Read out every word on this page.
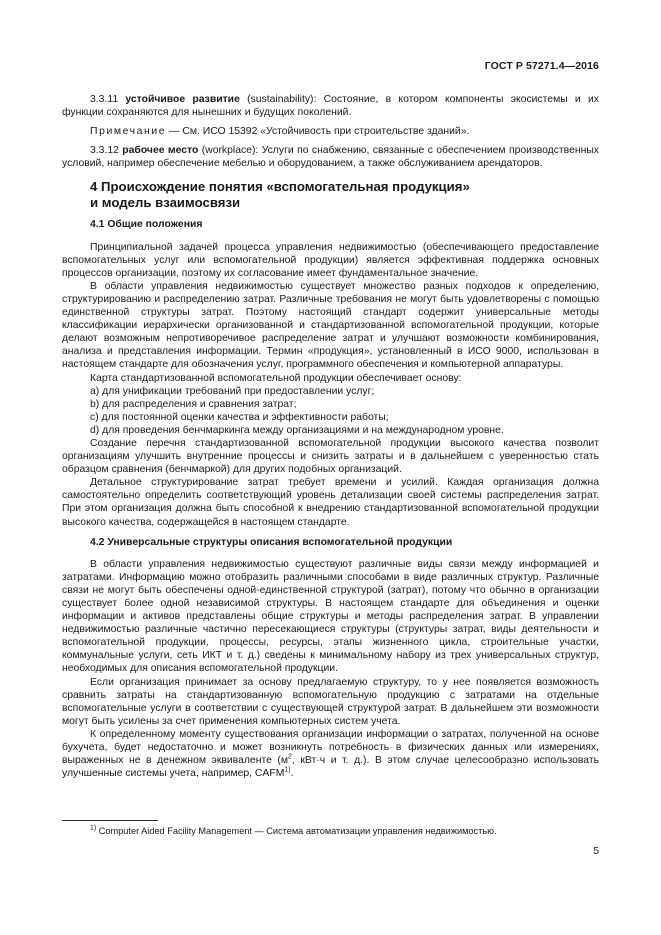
ГОСТ Р 57271.4—2016

3.3.11 устойчивое развитие (sustainability): Состояние, в котором компоненты экосистемы и их функции сохраняются для нынешних и будущих поколений.

Примечание — См. ИСО 15392 «Устойчивость при строительстве зданий».

3.3.12 рабочее место (workplace): Услуги по снабжению, связанные с обеспечением производственных условий, например обеспечение мебелью и оборудованием, а также обслуживанием арендаторов.

4 Происхождение понятия «вспомогательная продукция»
и модель взаимосвязи
4.1 Общие положения

Принципиальной задачей процесса управления недвижимостью (обеспечивающего предоставление вспомогательных услуг или вспомогательной продукции) является эффективная поддержка основных процессов организации, поэтому их согласование имеет фундаментальное значение.

В области управления недвижимостью существует множество разных подходов к определению, структурированию и распределению затрат. Различные требования не могут быть удовлетворены с помощью единственной структуры затрат. Поэтому настоящий стандарт содержит универсальные методы классификации иерархически организованной и стандартизованной вспомогательной продукции, которые делают возможным непротиворечивое распределение затрат и улучшают возможности комбинирования, анализа и представления информации. Термин «продукция», установленный в ИСО 9000, использован в настоящем стандарте для обозначения услуг, программного обеспечения и компьютерной аппаратуры.

Карта стандартизованной вспомогательной продукции обеспечивает основу:

a) для унификации требований при предоставлении услуг;

b) для распределения и сравнения затрат;

c) для постоянной оценки качества и эффективности работы;

d) для проведения бенчмаркинга между организациями и на международном уровне.

Создание перечня стандартизованной вспомогательной продукции высокого качества позволит организациям улучшить внутренние процессы и снизить затраты и в дальнейшем с уверенностью стать образцом сравнения (бенчмаркой) для других подобных организаций.

Детальное структурирование затрат требует времени и усилий. Каждая организация должна самостоятельно определить соответствующий уровень детализации своей системы распределения затрат. При этом организация должна быть способной к внедрению стандартизованной вспомогательной продукции высокого качества, содержащейся в настоящем стандарте.

4.2 Универсальные структуры описания вспомогательной продукции

В области управления недвижимостью существуют различные виды связи между информацией и затратами. Информацию можно отобразить различными способами в виде различных структур. Различные связи не могут быть обеспечены одной-единственной структурой (затрат), потому что обычно в организации существует более одной независимой структуры. В настоящем стандарте для объединения и оценки информации и активов представлены общие структуры и методы распределения затрат. В управлении недвижимостью различные частично пересекающиеся структуры (структуры затрат, виды деятельности и вспомогательной продукции, процессы, ресурсы, этапы жизненного цикла, строительные участки, коммунальные услуги, сеть ИКТ и т. д.) сведены к минимальному набору из трех универсальных структур, необходимых для описания вспомогательной продукции.

Если организация принимает за основу предлагаемую структуру, то у нее появляется возможность сравнить затраты на стандартизованную вспомогательную продукцию с затратами на отдельные вспомогательные услуги в соответствии с существующей структурой затрат. В дальнейшем эти возможности могут быть усилены за счет применения компьютерных систем учета.

К определенному моменту существования организации информации о затратах, полученной на основе бухучета, будет недостаточно и может возникнуть потребность в физических данных или измерениях, выраженных не в денежном эквиваленте ($м^2$, кВт·ч и т. д.). В этом случае целесообразно использовать улучшенные системы учета, например, CAFM$^{1)}$.

$^{1)}$ Computer Aided Facility Management — Система автоматизации управления недвижимостью.
5
